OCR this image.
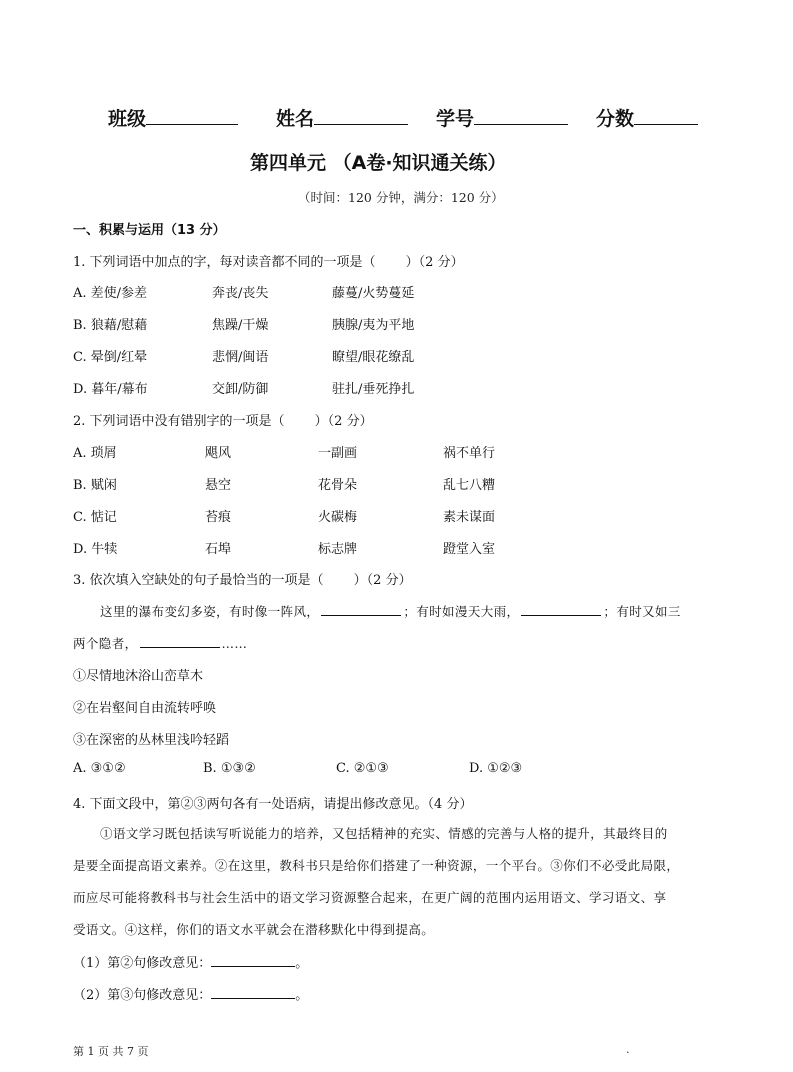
班级	姓名	学号	分数
第四单元 （A卷·知识通关练）
（时间：120 分钟，满分：120 分）
一、积累与运用（13 分）
1. 下列词语中加点的字，每对读音都不同的一项是（　　 ）（2 分）
A. 差使/参差	奔丧/丧失	藤蔓/火势蔓延
B. 狼藉/慰藉	焦躁/干燥	胰腺/夷为平地
C. 晕倒/红晕	悲惘/闽语	瞭望/眼花缭乱
D. 暮年/幕布	交卸/防御	驻扎/垂死挣扎
2. 下列词语中没有错别字的一项是（　　 ）（2 分）
A. 琐屑	飓风	一副画	祸不单行
B. 赋闲	悬空	花骨朵	乱七八糟
C. 惦记	苔痕	火碳梅	素未谋面
D. 牛犊	石埠	标志牌	蹬堂入室
3. 依次填入空缺处的句子最恰当的一项是（　　 ）（2 分）
这里的瀑布变幻多姿，有时像一阵风，	；有时如漫天大雨，	；有时又如三
两个隐者，	……
①尽情地沐浴山峦草木
②在岩壑间自由流转呼唤
③在深密的丛林里浅吟轻蹈
A. ③①②	B. ①③②	C. ②①③	D. ①②③
4. 下面文段中，第②③两句各有一处语病，请提出修改意见。（4 分）
①语文学习既包括读写听说能力的培养，又包括精神的充实、情感的完善与人格的提升，其最终目的
是要全面提高语文素养。②在这里，教科书只是给你们搭建了一种资源，一个平台。③你们不必受此局限，
而应尽可能将教科书与社会生活中的语文学习资源整合起来，在更广阔的范围内运用语文、学习语文、享
受语文。④这样，你们的语文水平就会在潜移默化中得到提高。
（1）第②句修改意见：	。
（2）第③句修改意见：	。
第 1 页 共 7 页	.
